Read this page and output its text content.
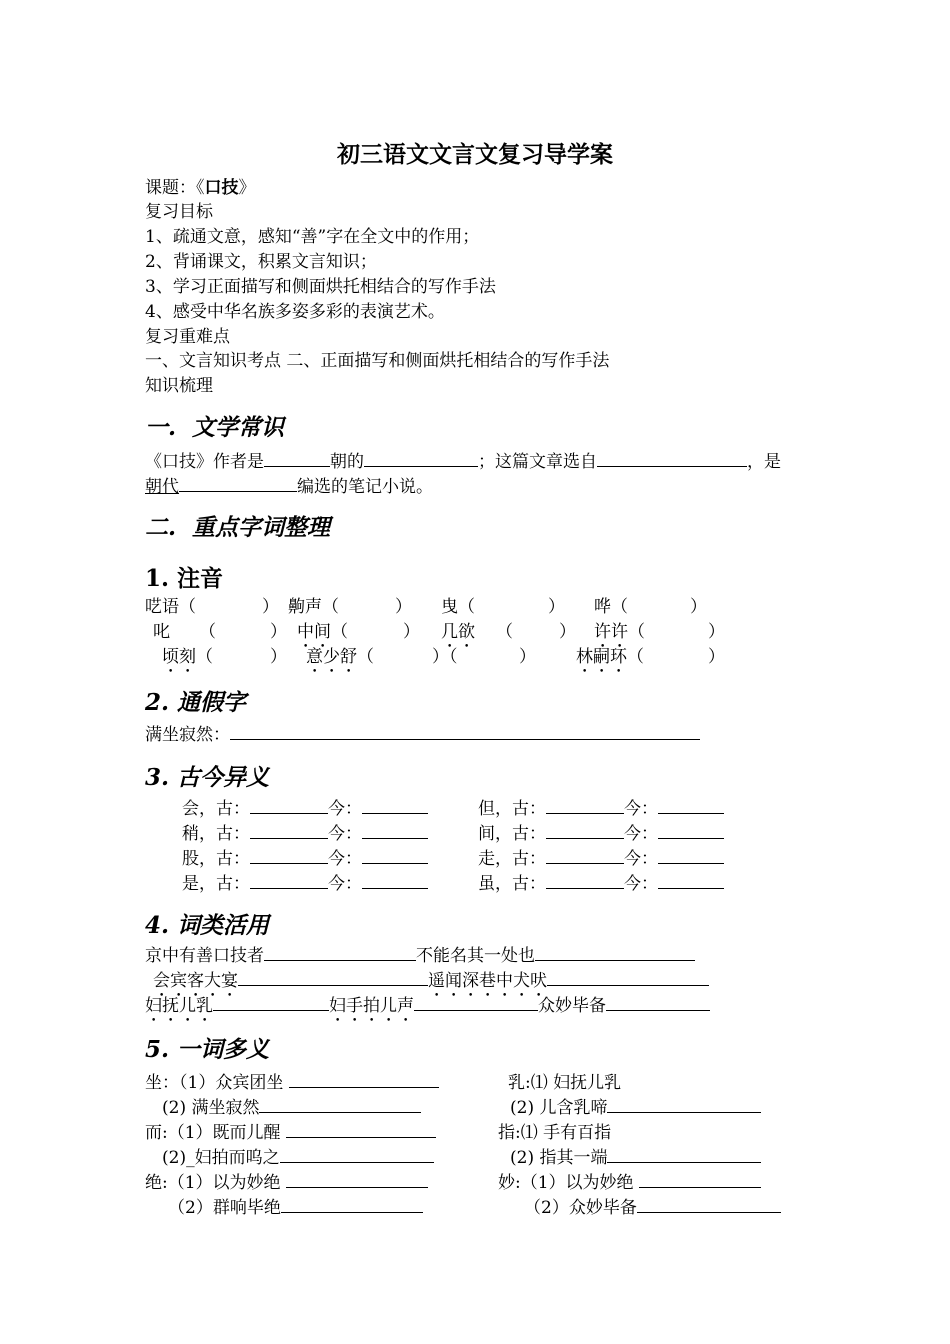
初三语文文言文复习导学案
课题：《口技》
复习目标
1、疏通文意，感知“善”字在全文中的作用；
2、背诵课文，积累文言知识；
3、学习正面描写和侧面烘托相结合的写作手法
4、感受中华名族多姿多彩的表演艺术。
复习重难点
一、文言知识考点 二、正面描写和侧面烘托相结合的写作手法
知识梳理
一. 文学常识
《口技》作者是	朝的	；这篇文章选自	，是
朝代	编选的笔记小说。
二. 重点字词整理
1. 注音
呓语（	） 齁声（	） 曳（	） 哗（	）
叱 （	） 中间（	） 几欲 （	） 许许（	）
顷刻（	） 意少舒（	）（	） 林嗣环（	）
2. 通假字
满坐寂然：
3. 古今异义
会，古：	今：	但，古：	今：
稍，古：	今：	间，古：	今：
股，古：	今：	走，古：	今：
是，古：	今：	虽，古：	今：
4. 词类活用
京中有善口技者	不能名其一处也
会宾客大宴	遥闻深巷中犬吠
妇抚儿乳	妇手拍儿声	众妙毕备
5. 一词多义
坐：（1）众宾团坐	乳:⑴ 妇抚儿乳
(2) 满坐寂然	(2) 儿含乳啼
而:（1）既而儿醒	指:⑴ 手有百指
(2)_妇拍而呜之	(2) 指其一端
绝:（1）以为妙绝	妙:（1）以为妙绝
（2）群响毕绝	（2）众妙毕备
